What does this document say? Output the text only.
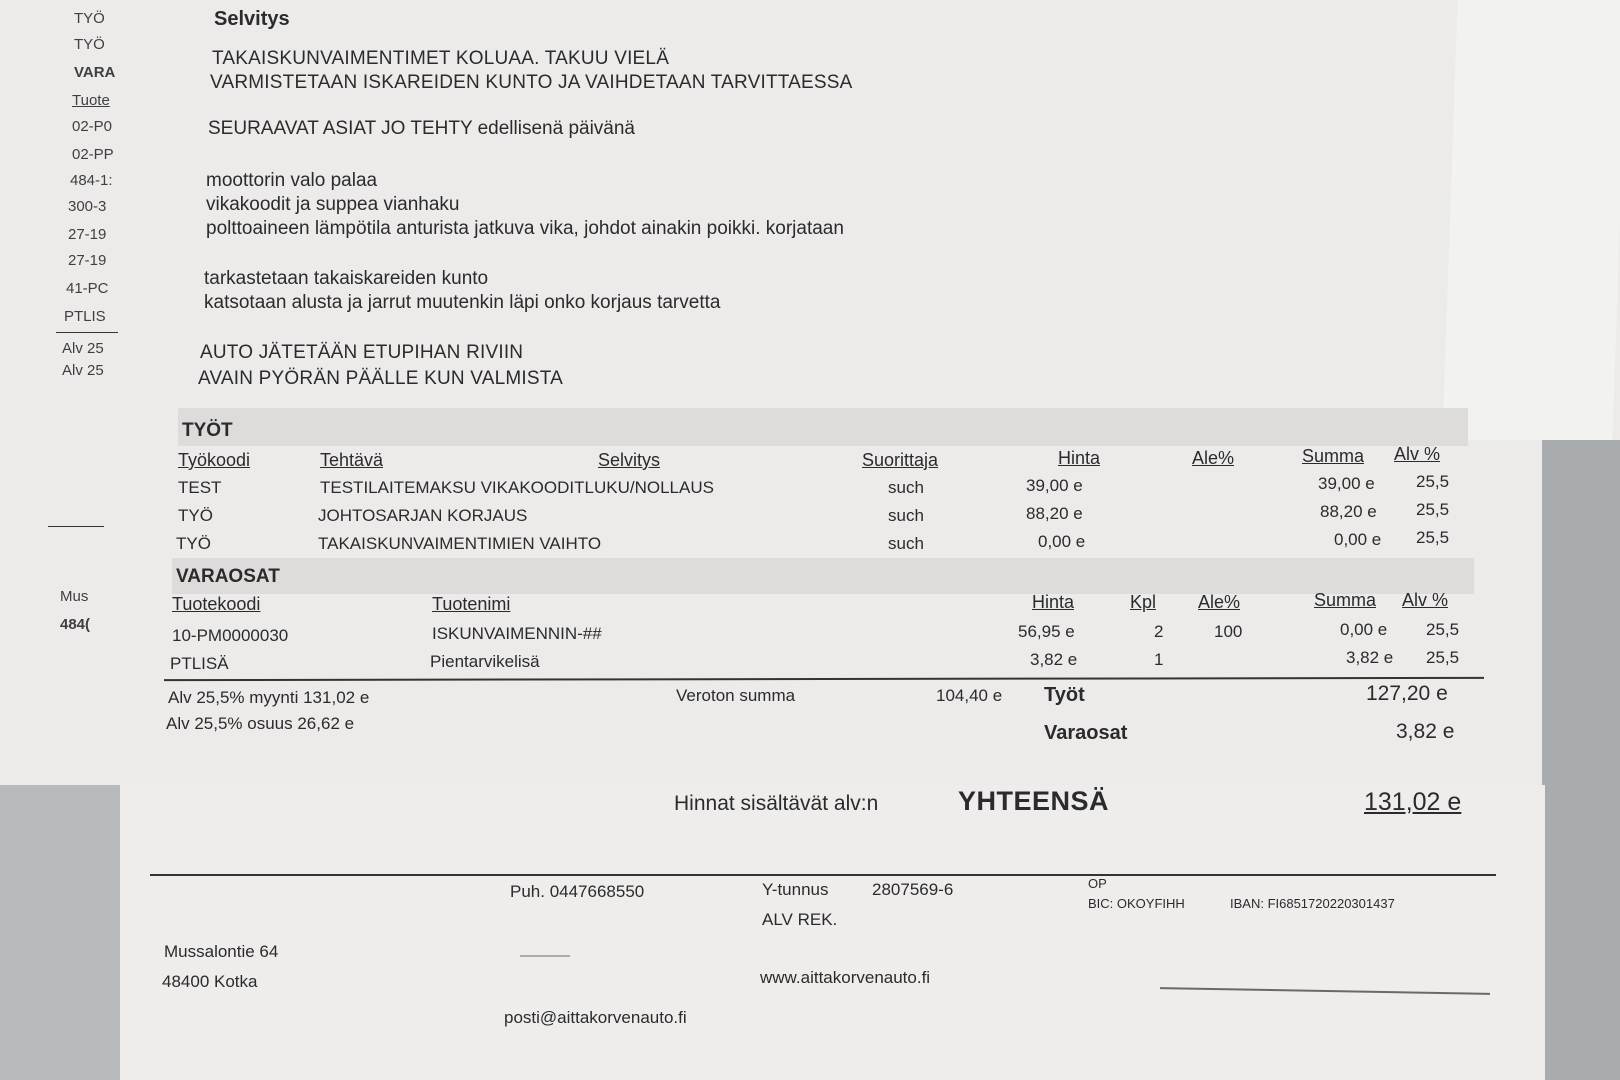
TYÖ
TYÖ
VARA
Tuote
02-P0
02-PP
484-1:
300-3
27-19
27-19
41-PC
PTLIS
Alv 25
Alv 25
Mus
484(
Selvitys
TAKAISKUNVAIMENTIMET KOLUAA. TAKUU VIELÄ
VARMISTETAAN ISKAREIDEN KUNTO JA VAIHDETAAN TARVITTAESSA
SEURAAVAT ASIAT JO TEHTY edellisenä päivänä
moottorin valo palaa
vikakoodit ja suppea vianhaku
polttoaineen lämpötila anturista jatkuva vika, johdot ainakin poikki. korjataan
tarkastetaan takaiskareiden kunto
katsotaan alusta ja jarrut muutenkin läpi onko korjaus tarvetta
AUTO JÄTETÄÄN ETUPIHAN RIVIIN
AVAIN PYÖRÄN PÄÄLLE KUN VALMISTA
TYÖT
Työkoodi	Tehtävä	Selvitys	Suorittaja	Hinta	Ale%	Summa Alv %
TEST	TESTILAITEMAKSU VIKAKOODITLUKU/NOLLAUS	such	39,00 e	39,00 e 25,5
TYÖ	JOHTOSARJAN KORJAUS	such	88,20 e	88,20 e 25,5
TYÖ	TAKAISKUNVAIMENTIMIEN VAIHTO	such	0,00 e	0,00 e 25,5
VARAOSAT
Tuotekoodi	Tuotenimi	Hinta	Kpl Ale%	Summa Alv %
10-PM0000030	ISKUNVAIMENNIN-##	56,95 e	2	100	0,00 e 25,5
PTLISÄ	Pientarvikelisä	3,82 e	1	3,82 e 25,5
Alv 25,5% myynti 131,02 e
Alv 25,5% osuus 26,62 e
Veroton summa	104,40 e Työt	127,20 e
Varaosat	3,82 e
Hinnat sisältävät alv:n	YHTEENSÄ	131,02 e
Puh. 0447668550	Y-tunnus	2807569-6
ALV REK.
OP
BIC: OKOYFIHH	IBAN: FI6851720220301437
Mussalontie 64
48400 Kotka	www.aittakorvenauto.fi
posti@aittakorvenauto.fi
